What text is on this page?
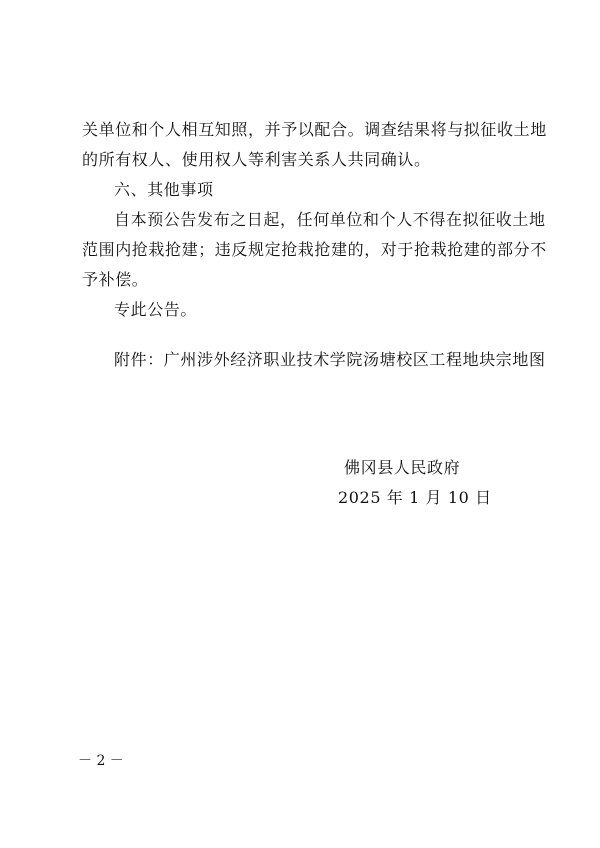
关单位和个人相互知照，并予以配合。调查结果将与拟征收土地
的所有权人、使用权人等利害关系人共同确认。
六、其他事项
自本预公告发布之日起，任何单位和个人不得在拟征收土地
范围内抢栽抢建；违反规定抢栽抢建的，对于抢栽抢建的部分不
予补偿。
专此公告。
附件：广州涉外经济职业技术学院汤塘校区工程地块宗地图
佛冈县人民政府
2025 年 1 月 10 日
－ 2 －
